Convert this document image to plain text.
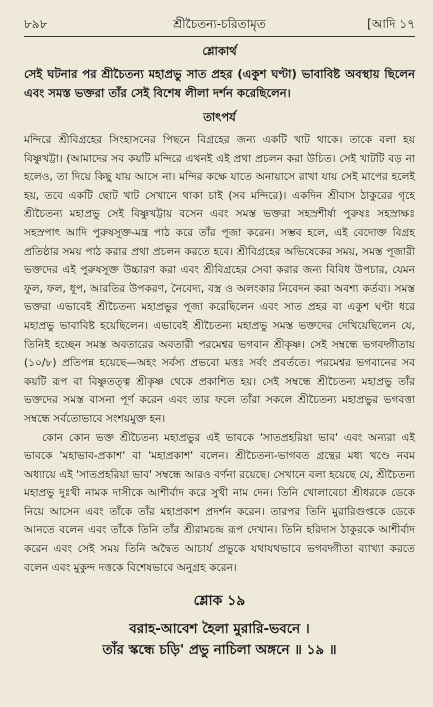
৮৯৮	শ্রীচৈতন্য-চরিতামৃত	[আদি ১৭
শ্লোকার্থ

সেই ঘটনার পর শ্রীচৈতন্য মহাপ্রভু সাত প্রহর (একুশ ঘণ্টা) ভাবাবিষ্ট অবস্থায় ছিলেন এবং সমস্ত ভক্তরা তাঁর সেই বিশেষ লীলা দর্শন করেছিলেন।

তাৎপর্য

মন্দিরে শ্রীবিগ্রহের সিংহাসনের পিছনে বিগ্রহের জন্য একটি খাট থাকে। তাকে বলা হয় বিষ্ণুখট্টা। (আমাদের সব কয়টি মন্দিরে এখনই এই প্রথা প্রচলন করা উচিত। সেই খাটটি বড় না হলেও, তা দিয়ে কিছু যায় আসে না। মন্দির কক্ষে যাতে অনায়াসে রাখা যায় সেই মাপের হলেই হয়, তবে একটি ছোট খাট সেখানে থাকা চাই (সব মন্দিরে)। একদিন শ্রীবাস ঠাকুরের গৃহে শ্রীচৈতন্য মহাপ্রভু সেই বিষ্ণুখট্টায় বসেন এবং সমস্ত ভক্তরা সহস্রশীর্ষা পুরুষঃ সহস্রাক্ষঃ সহস্রপাৎ আদি পুরুষসূক্ত-মন্ত্র পাঠ করে তাঁর পূজা করেন। সম্ভব হলে, এই বেদোক্ত বিগ্রহ প্রতিষ্ঠার সময় পাঠ করার প্রথা প্রচলন করতে হবে। শ্রীবিগ্রহের অভিষেকের সময়, সমস্ত পূজারী ভক্তদের এই পুরুষসূক্ত উচ্চারণ করা এবং শ্রীবিগ্রহের সেবা করার জন্য বিবিধ উপচার, যেমন ফুল, ফল, ধূপ, আরতির উপকরণ, নৈবেদ্য, বস্ত্র ও অলংকার নিবেদন করা অবশ্য কর্তব্য। সমস্ত ভক্তরা এভাবেই শ্রীচৈতন্য মহাপ্রভুর পূজা করেছিলেন এবং সাত প্রহর বা একুশ ঘণ্টা ধরে মহাপ্রভু ভাবাবিষ্ট হয়েছিলেন। এভাবেই শ্রীচৈতন্য মহাপ্রভু সমস্ত ভক্তদের দেখিয়েছিলেন যে, তিনিই হচ্ছেন সমস্ত অবতারের অবতারী পরমেশ্বর ভগবান শ্রীকৃষ্ণ। সেই সম্বন্ধে ভগবদ্গীতায় (১০/৮) প্রতিপন্ন হয়েছে—অহং সর্বস্য প্রভবো মত্তঃ সর্বং প্রবর্ততে। পরমেশ্বর ভগবানের সব কয়টি রূপ বা বিষ্ণুতত্ত্ব শ্রীকৃষ্ণ থেকে প্রকাশিত হয়। সেই সম্বন্ধে শ্রীচৈতন্য মহাপ্রভু তাঁর ভক্তদের সমস্ত বাসনা পূর্ণ করেন এবং তার ফলে তাঁরা সকলে শ্রীচৈতন্য মহাপ্রভুর ভগবত্তা সম্বন্ধে সর্বতোভাবে সংশয়মুক্ত হন।

কোন কোন ভক্ত শ্রীচৈতন্য মহাপ্রভুর এই ভাবকে 'সাতপ্রহরিয়া ভাব' এবং অন্যরা এই ভাবকে 'মহাভাব-প্রকাশ' বা 'মহাপ্রকাশ' বলেন। শ্রীচৈতন্য-ভাগবত গ্রন্থের মধ্য খণ্ডে নবম অধ্যায়ে এই 'সাতপ্রহরিয়া ভাব' সম্বন্ধে আরও বর্ণনা রয়েছে। সেখানে বলা হয়েছে যে, শ্রীচৈতন্য মহাপ্রভু দুঃখী নামক দাসীকে আশীর্বাদ করে সুখী নাম দেন। তিনি খোলাবেচা শ্রীধরকে ডেকে নিয়ে আসেন এবং তাঁকে তাঁর মহাপ্রকাশ প্রদর্শন করেন। তারপর তিনি মুরারিগুপ্তকে ডেকে আনতে বলেন এবং তাঁকে তিনি তাঁর শ্রীরামচন্দ্র রূপ দেখান। তিনি হরিদাস ঠাকুরকে আশীর্বাদ করেন এবং সেই সময় তিনি অদ্বৈত আচার্য প্রভুকে যথাযথভাবে ভগবদ্গীতা ব্যাখ্যা করতে বলেন এবং মুকুন্দ দত্তকে বিশেষভাবে অনুগ্রহ করেন।

শ্লোক ১৯

বরাহ-আবেশ হৈলা মুরারি-ভবনে ।

তাঁর স্কন্ধে চড়ি' প্রভু নাচিলা অঙ্গনে ॥ ১৯ ॥
